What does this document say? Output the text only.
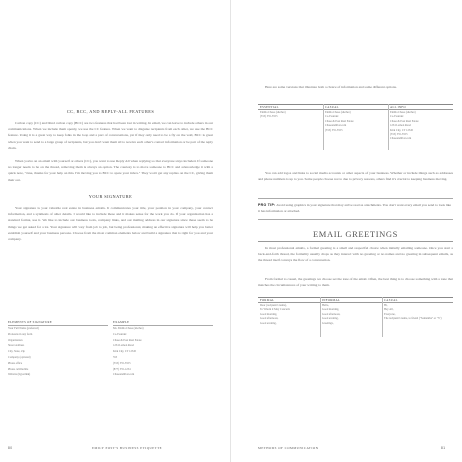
CC, BCC, AND REPLY-ALL FEATURES

Carbon copy (CC) and blind carbon copy (BCC) are two features that had been lost in writing. In email, we can leave to include others in our communications. When we include them openly, we use the CC feature. When we want to disguise recipients from each other, we use the BCC feature. Using it is a great way to keep folks in the loop and a part of conversations, yet if they only need to be a fly on the wall, BCC is great when you want to send to a large group of recipients, but you don't want them all to receive each other's contact information or be part of the reply chain.

When you're on an email with yourself or others (CC), you want to use Reply All when replying so that everyone stays included. If someone no longer needs to be on the thread, removing them is always an option. The courtesy is to move someone to BCC and acknowledge it with a quick note, "Jane, thanks for your help on this. I'm moving you to BCC to spare your inbox." They won't get any replies on the CC, giving them their out.

YOUR SIGNATURE

Your signature is your valuable real estate in business emails. It communicates your title, your position in your company, your contact information, and a synthesis of other details. I would like to include these and it makes sense for the work you do. If your organization has a standard format, use it. We like to include our business tools, company links, and our mailing address in our signature since these seem to be things we get asked for a lot. Your signature will vary from job to job, but being professional, making an effective signature will help you better establish yourself and your business persona. Choose from the most common elements below and build a signature that is right for you and your company.

ELEMENTS OF SIGNATURE
Your Full Name (preferred)
Pronouns in any form
Organization
Street Address
City, State, Zip
Company (optional)
Phone office
Phone cell/mobile
Website (hyperlink)
EXAMPLE
Ms. Emilia Chase (she/her)
Co-Founder
Chase & Post Real Estate
1234 Lemon Road
Kirk City, CT 12345
555
(555) 555-5555
(877) 555-1234
ChaseandPost.com
80	EMILY POST'S BUSINESS ETIQUETTE

Here are some versions that illustrate both a choice of information and some different options.

ESSENTIAL
Emilia Chase (she/her)
(555) 555-5555
CASUAL
Emilia Chase (she/her)
Co-Founder
Chase & Post Real Estate
ChaseandPost.com
(555) 555-5555
ALL INFO
Emilia Chase (she/her)
Co-Founder
Chase & Post Real Estate
1234 Lemon Road
Kirk City, CT 12345
(555) 555-5555
ChaseandPost.com

You can add logos and links to social media accounts or other aspects of your business. Whether or include things such as addresses and phone numbers is up to you. Some people choose not to due to privacy reasons, others find it's crucial to keeping business moving.

PRO TIP: Avoid using graphics in your signature that may arrive read as attachments. You don't want every email you send to look like it has information or attached.
EMAIL GREETINGS

In most professional emails, a formal greeting is a small and respectful choice when initially emailing someone. Once you start a back-and-forth thread, the formality usually drops as they interact with no greeting or no names and no greeting in subsequent emails, as the thread itself conveys the flow of a conversation.

From formal to casual, the greetings we choose set the tone of the email. Often, the best thing is to choose something with a tone that matches the circumstances of your writing to them.

FORMAL
Dear (recipient's name),
To Whom it May Concern:
Good morning,
Good afternoon,
Good evening,
INFORMAL
Hello,
Good morning,
Good afternoon,
Good evening,
Greetings,
CASUAL
Hi,
Hey All,
Everyone,
The recipient's name, to friend ("Samantha" or "S")
METHODS OF COMMUNICATION	81
